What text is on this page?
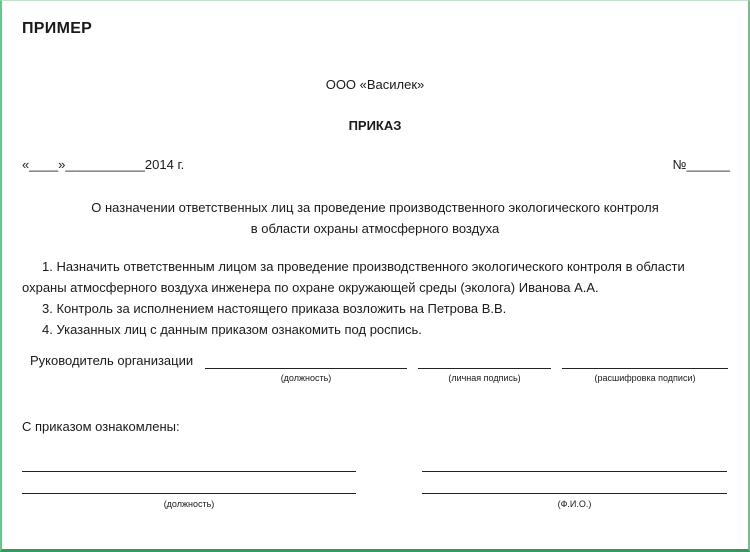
ПРИМЕР
ООО «Василек»
ПРИКАЗ
«____»___________2014 г.	№______
О назначении ответственных лиц за проведение производственного экологического контроля
в области охраны атмосферного воздуха

1. Назначить ответственным лицом за проведение производственного экологического контроля в области охраны атмосферного воздуха инженера по охране окружающей среды (эколога) Иванова А.А.

3. Контроль за исполнением настоящего приказа возложить на Петрова В.В.

4. Указанных лиц с данным приказом ознакомить под роспись.

Руководитель организации
(должность)	(личная подпись)	(расшифровка подписи)
С приказом ознакомлены:
(должность)	(Ф.И.О.)
